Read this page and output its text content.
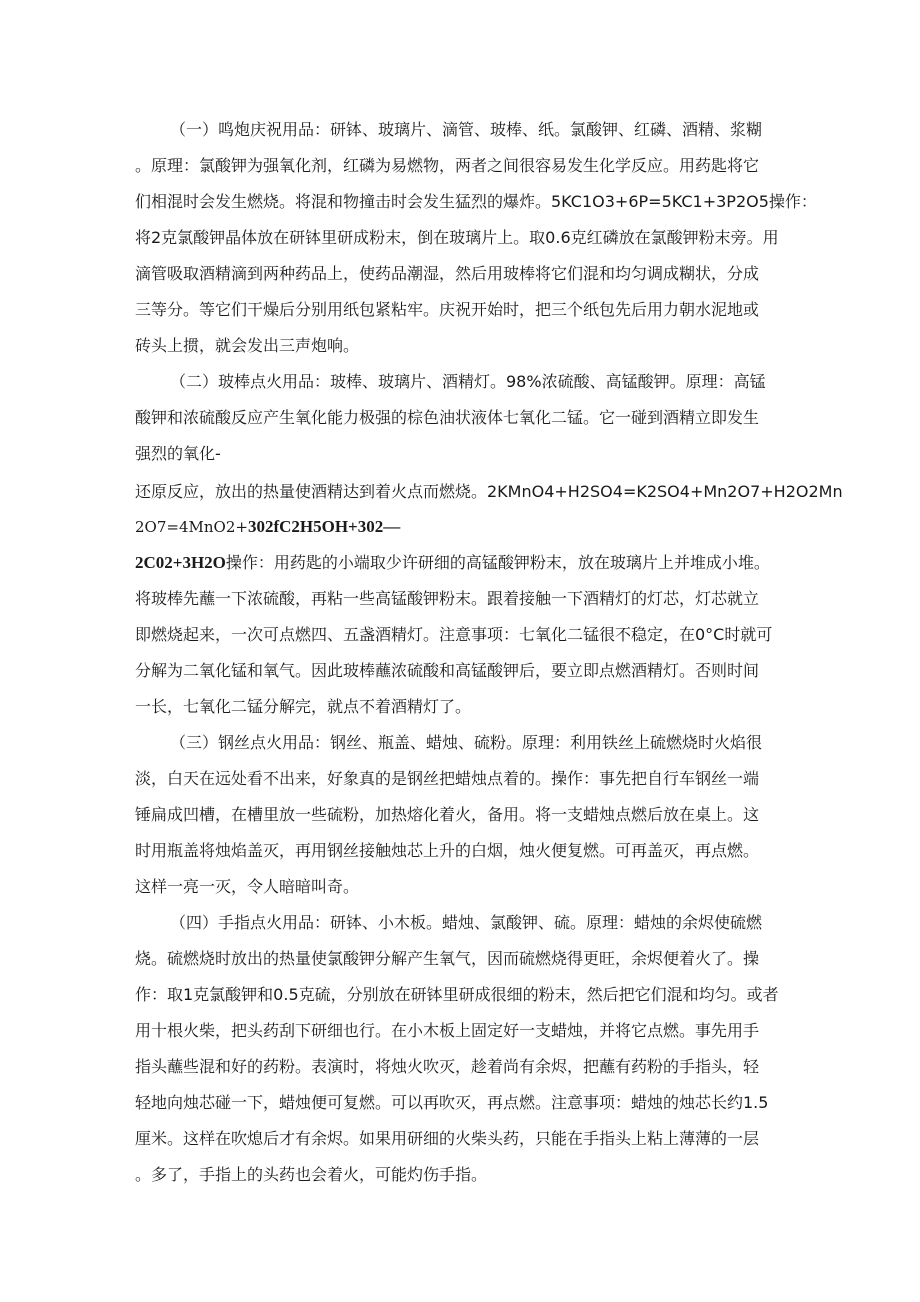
（一）鸣炮庆祝用品：研钵、玻璃片、滴管、玻棒、纸。氯酸钾、红磷、酒精、浆糊

。原理：氯酸钾为强氧化剂，红磷为易燃物，两者之间很容易发生化学反应。用药匙将它

们相混时会发生燃烧。将混和物撞击时会发生猛烈的爆炸。5KC1O3+6P=5KC1+3P2O5操作：

将2克氯酸钾晶体放在研钵里研成粉末，倒在玻璃片上。取0.6克红磷放在氯酸钾粉末旁。用

滴管吸取酒精滴到两种药品上，使药品潮湿，然后用玻棒将它们混和均匀调成糊状，分成

三等分。等它们干燥后分别用纸包紧粘牢。庆祝开始时，把三个纸包先后用力朝水泥地或

砖头上掼，就会发出三声炮响。

（二）玻棒点火用品：玻棒、玻璃片、酒精灯。98%浓硫酸、高锰酸钾。原理：高锰

酸钾和浓硫酸反应产生氧化能力极强的棕色油状液体七氧化二锰。它一碰到酒精立即发生

强烈的氧化-

还原反应，放出的热量使酒精达到着火点而燃烧。2KMnO4+H2SO4=K2SO4+Mn2O7+H2O2Mn

2O7=4MnO2+302fC2H5OH+302—

2C02+3H2O操作：用药匙的小端取少许研细的高锰酸钾粉末，放在玻璃片上并堆成小堆。

将玻棒先蘸一下浓硫酸，再粘一些高锰酸钾粉末。跟着接触一下酒精灯的灯芯，灯芯就立

即燃烧起来，一次可点燃四、五盏酒精灯。注意事项：七氧化二锰很不稳定，在0°C时就可

分解为二氧化锰和氧气。因此玻棒蘸浓硫酸和高锰酸钾后，要立即点燃酒精灯。否则时间

一长，七氧化二锰分解完，就点不着酒精灯了。

（三）钢丝点火用品：钢丝、瓶盖、蜡烛、硫粉。原理：利用铁丝上硫燃烧时火焰很

淡，白天在远处看不出来，好象真的是钢丝把蜡烛点着的。操作：事先把自行车钢丝一端

锤扁成凹槽，在槽里放一些硫粉，加热熔化着火，备用。将一支蜡烛点燃后放在桌上。这

时用瓶盖将烛焰盖灭，再用钢丝接触烛芯上升的白烟，烛火便复燃。可再盖灭，再点燃。

这样一亮一灭，令人暗暗叫奇。

（四）手指点火用品：研钵、小木板。蜡烛、氯酸钾、硫。原理：蜡烛的余烬使硫燃

烧。硫燃烧时放出的热量使氯酸钾分解产生氧气，因而硫燃烧得更旺，余烬便着火了。操

作：取1克氯酸钾和0.5克硫，分别放在研钵里研成很细的粉末，然后把它们混和均匀。或者

用十根火柴，把头药刮下研细也行。在小木板上固定好一支蜡烛，并将它点燃。事先用手

指头蘸些混和好的药粉。表演时，将烛火吹灭，趁着尚有余烬，把蘸有药粉的手指头，轻

轻地向烛芯碰一下，蜡烛便可复燃。可以再吹灭，再点燃。注意事项：蜡烛的烛芯长约1.5

厘米。这样在吹熄后才有余烬。如果用研细的火柴头药，只能在手指头上粘上薄薄的一层

。多了，手指上的头药也会着火，可能灼伤手指。
